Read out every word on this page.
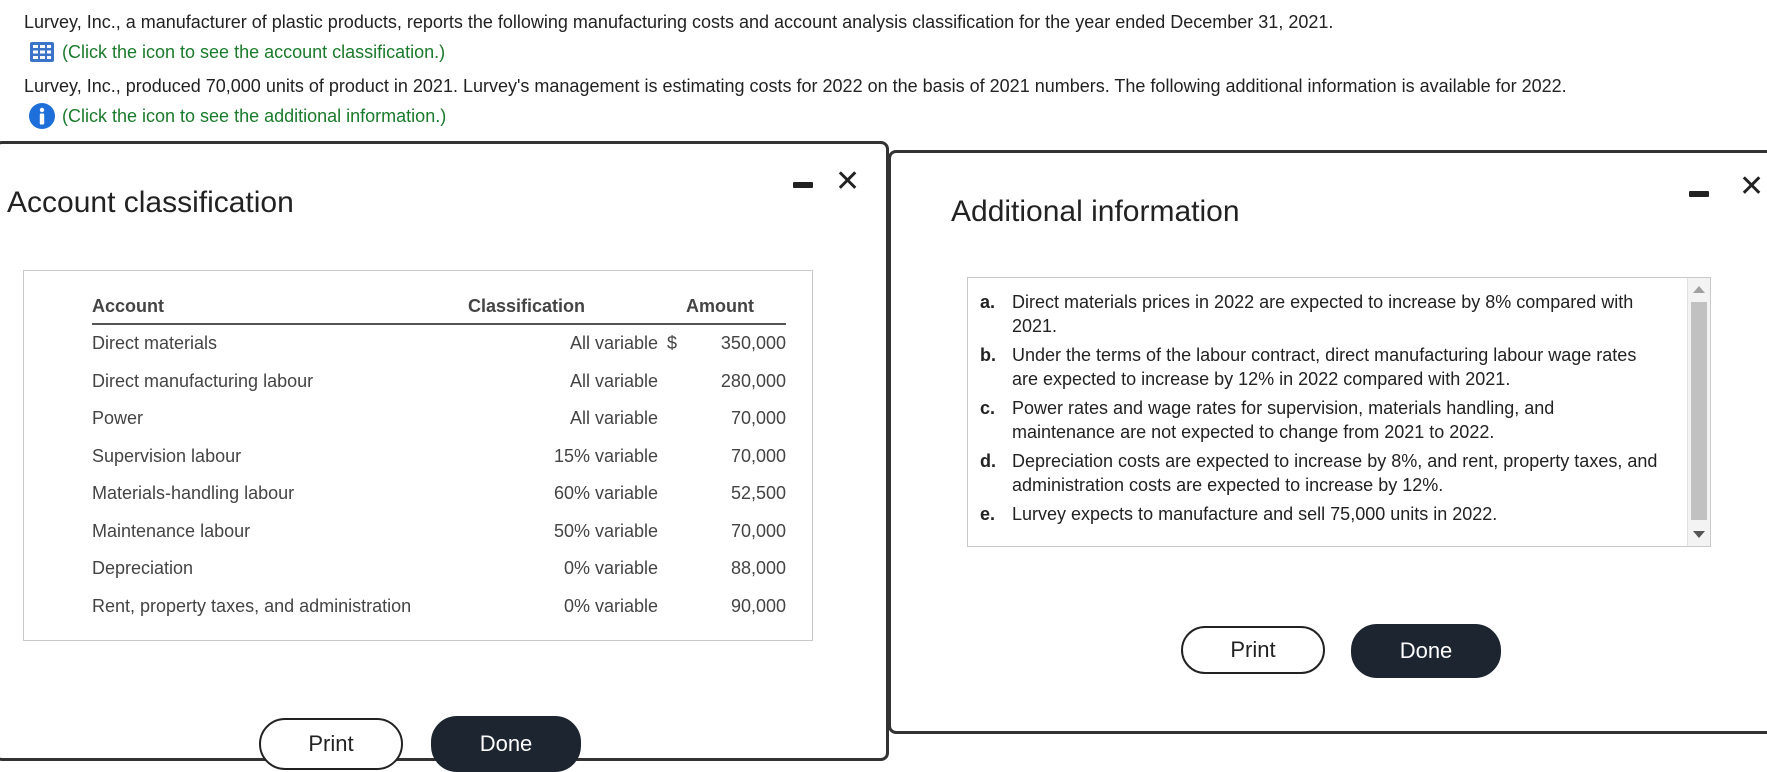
Lurvey, Inc., a manufacturer of plastic products, reports the following manufacturing costs and account analysis classification for the year ended December 31, 2021.
(Click the icon to see the account classification.)
Lurvey, Inc., produced 70,000 units of product in 2021. Lurvey's management is estimating costs for 2022 on the basis of 2021 numbers. The following additional information is available for 2022.
(Click the icon to see the additional information.)
Account classification
✕
Account	Classification		Amount
Direct materials	All variable	$	350,000
Direct manufacturing labour	All variable		280,000
Power	All variable		70,000
Supervision labour	15% variable		70,000
Materials-handling labour	60% variable		52,500
Maintenance labour	50% variable		70,000
Depreciation	0% variable		88,000
Rent, property taxes, and administration	0% variable		90,000
Print	Done
Additional information
✕
a. Direct materials prices in 2022 are expected to increase by 8% compared with 2021.
b. Under the terms of the labour contract, direct manufacturing labour wage rates are expected to increase by 12% in 2022 compared with 2021.
c. Power rates and wage rates for supervision, materials handling, and maintenance are not expected to change from 2021 to 2022.
d. Depreciation costs are expected to increase by 8%, and rent, property taxes, and administration costs are expected to increase by 12%.
e. Lurvey expects to manufacture and sell 75,000 units in 2022.
Print	Done
